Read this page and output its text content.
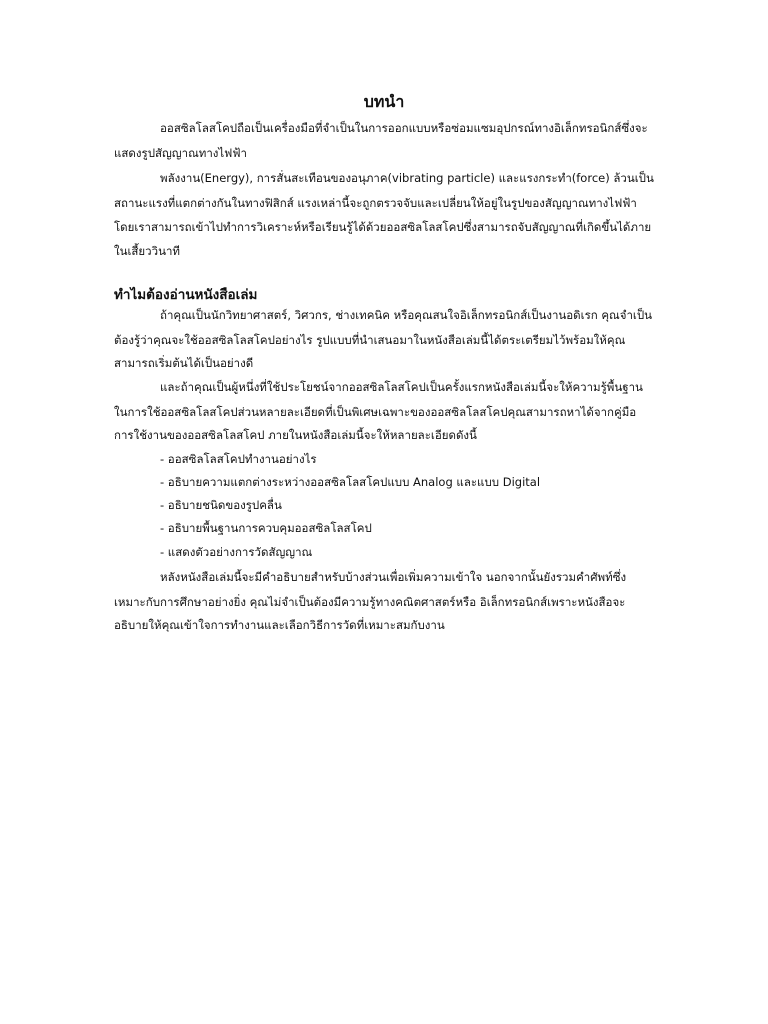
บทนำ

ออสซิลโลสโคปถือเป็นเครื่องมือที่จำเป็นในการออกแบบหรือซ่อมแซมอุปกรณ์ทางอิเล็กทรอนิกส์ซึ่งจะ

แสดงรูปสัญญาณทางไฟฟ้า

พลังงาน(Energy), การสั่นสะเทือนของอนุภาค(vibrating particle) และแรงกระทำ(force) ล้วนเป็น

สถานะแรงที่แตกต่างกันในทางฟิสิกส์ แรงเหล่านี้จะถูกตรวจจับและเปลี่ยนให้อยู่ในรูปของสัญญาณทางไฟฟ้า

โดยเราสามารถเข้าไปทำการวิเคราะห์หรือเรียนรู้ได้ด้วยออสซิลโลสโคปซึ่งสามารถจับสัญญาณที่เกิดขึ้นได้ภาย

ในเสี้ยววินาที

ทำไมต้องอ่านหนังสือเล่ม

ถ้าคุณเป็นนักวิทยาศาสตร์, วิศวกร, ช่างเทคนิค หรือคุณสนใจอิเล็กทรอนิกส์เป็นงานอดิเรก คุณจำเป็น

ต้องรู้ว่าคุณจะใช้ออสซิลโลสโคปอย่างไร รูปแบบที่นำเสนอมาในหนังสือเล่มนี้ได้ตระเตรียมไว้พร้อมให้คุณ

สามารถเริ่มต้นได้เป็นอย่างดี

และถ้าคุณเป็นผู้หนึ่งที่ใช้ประโยชน์จากออสซิลโลสโคปเป็นครั้งแรกหนังสือเล่มนี้จะให้ความรู้พื้นฐาน

ในการใช้ออสซิลโลสโคปส่วนหลายละเอียดที่เป็นพิเศษเฉพาะของออสซิลโลสโคปคุณสามารถหาได้จากคู่มือ

การใช้งานของออสซิลโลสโคป ภายในหนังสือเล่มนี้จะให้หลายละเอียดดังนี้

- ออสซิลโลสโคปทำงานอย่างไร

- อธิบายความแตกต่างระหว่างออสซิลโลสโคปแบบ Analog และแบบ Digital

- อธิบายชนิดของรูปคลื่น

- อธิบายพื้นฐานการควบคุมออสซิลโลสโคป

- แสดงตัวอย่างการวัดสัญญาณ

หลังหนังสือเล่มนี้จะมีคำอธิบายสำหรับบ้างส่วนเพื่อเพิ่มความเข้าใจ นอกจากนั้นยังรวมคำศัพท์ซึ่ง

เหมาะกับการศึกษาอย่างยิ่ง คุณไม่จำเป็นต้องมีความรู้ทางคณิตศาสตร์หรือ อิเล็กทรอนิกส์เพราะหนังสือจะ

อธิบายให้คุณเข้าใจการทำงานและเลือกวิธีการวัดที่เหมาะสมกับงาน
